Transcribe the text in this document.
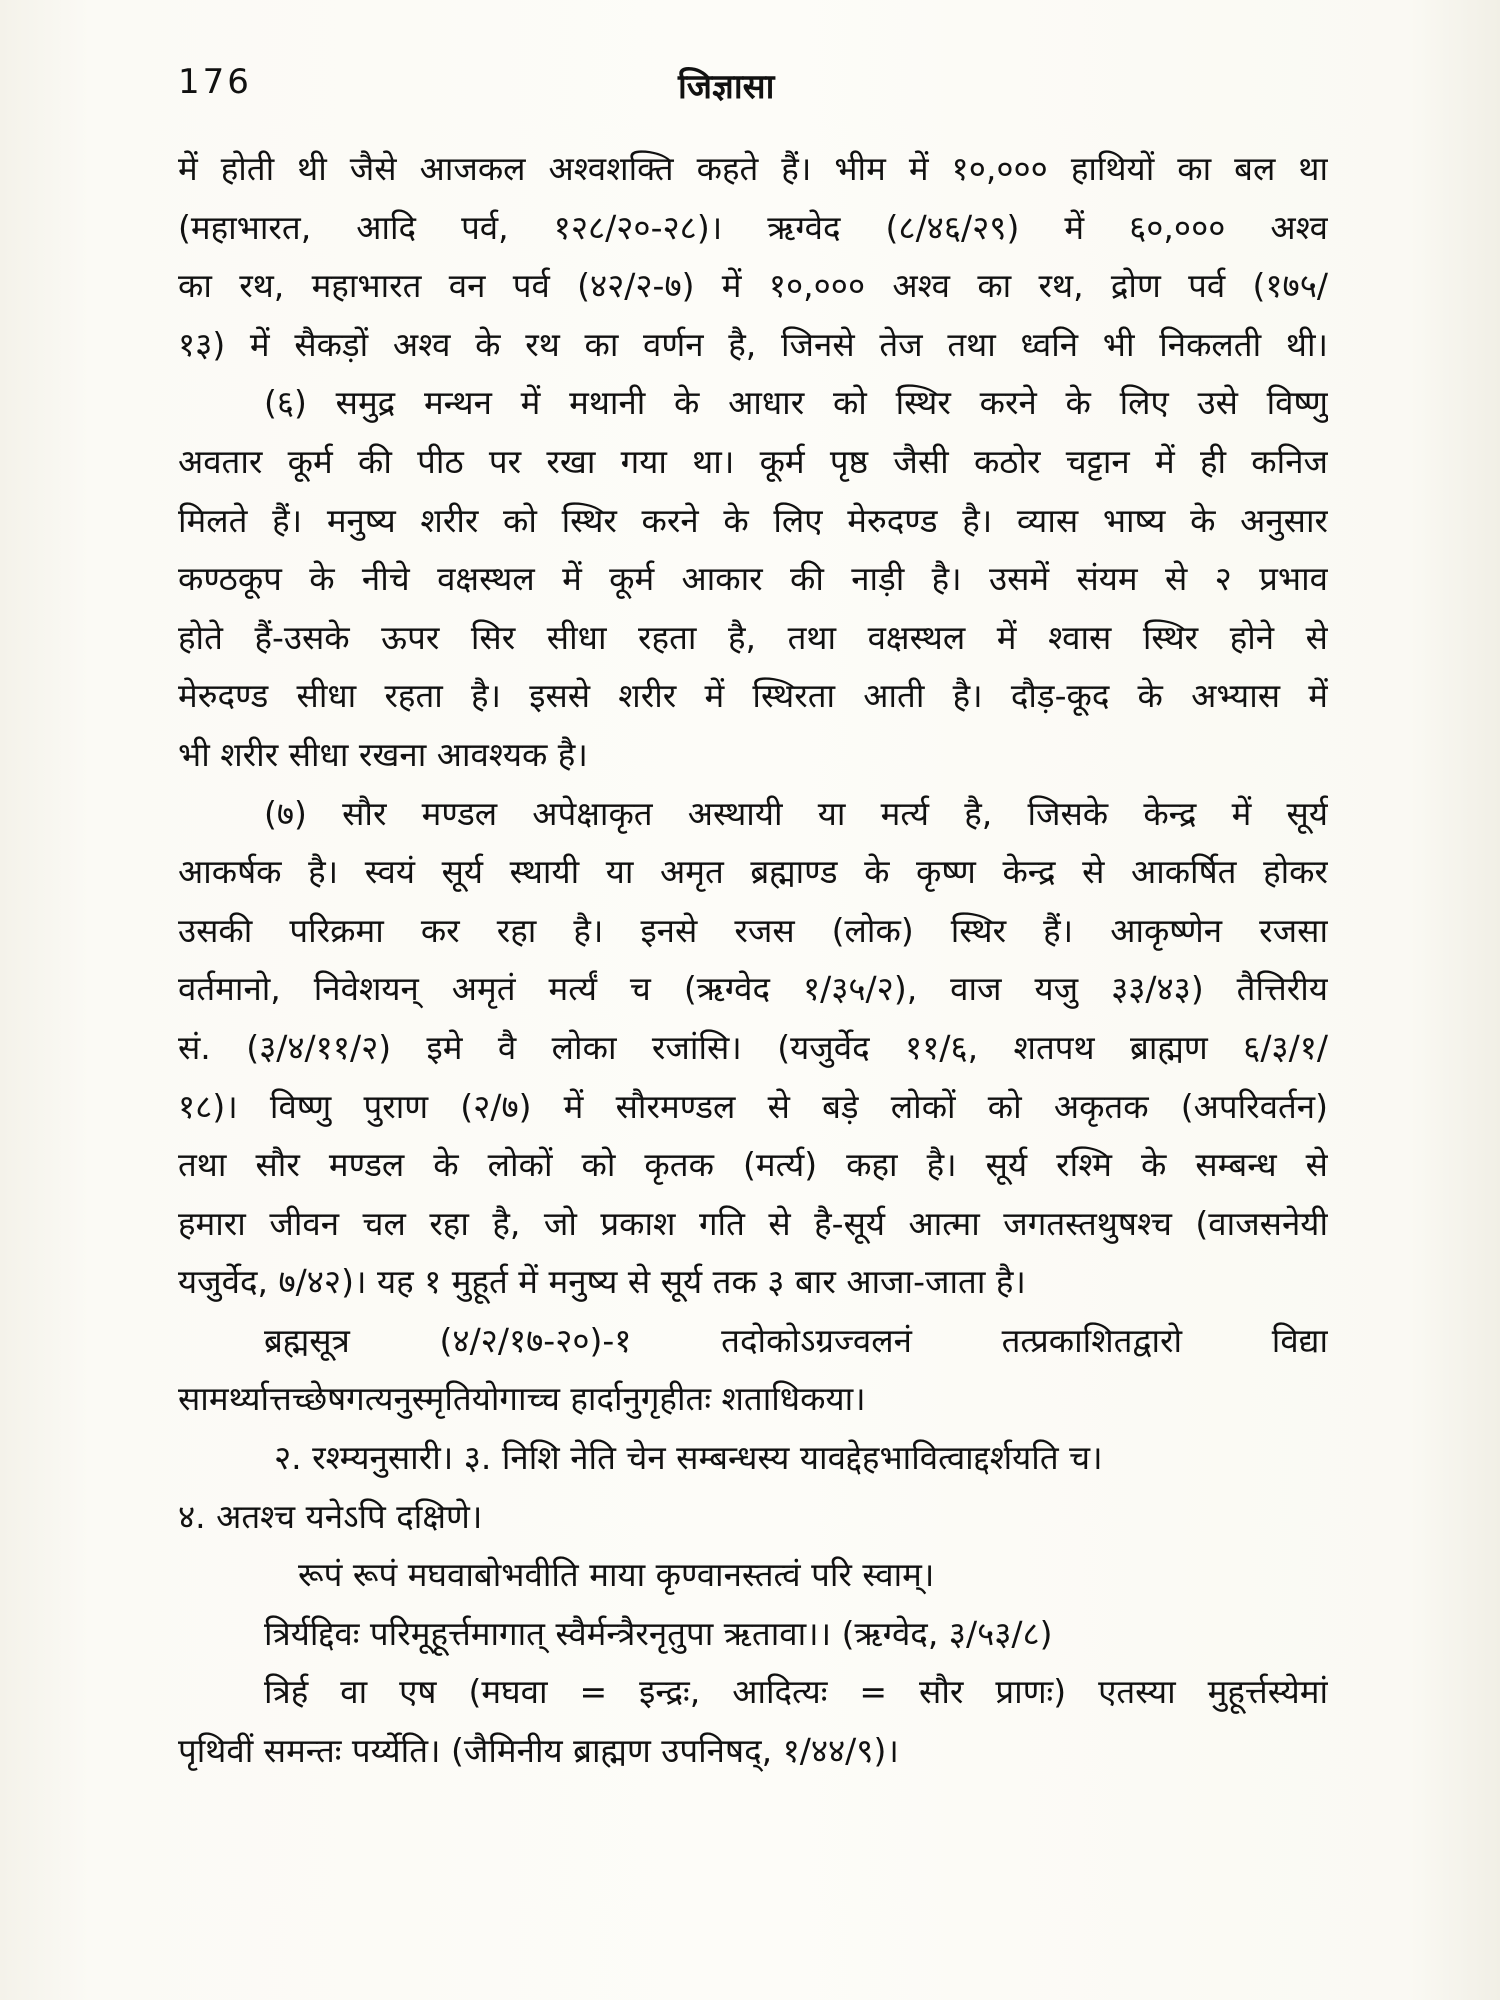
176	जिज्ञासा
में होती थी जैसे आजकल अश्वशक्ति कहते हैं। भीम में १०,००० हाथियों का बल था
(महाभारत, आदि पर्व, १२८/२०-२८)। ऋग्वेद (८/४६/२९) में ६०,००० अश्व
का रथ, महाभारत वन पर्व (४२/२-७) में १०,००० अश्व का रथ, द्रोण पर्व (१७५/
१३) में सैकड़ों अश्व के रथ का वर्णन है, जिनसे तेज तथा ध्वनि भी निकलती थी।
(६) समुद्र मन्थन में मथानी के आधार को स्थिर करने के लिए उसे विष्णु
अवतार कूर्म की पीठ पर रखा गया था। कूर्म पृष्ठ जैसी कठोर चट्टान में ही कनिज
मिलते हैं। मनुष्य शरीर को स्थिर करने के लिए मेरुदण्ड है। व्यास भाष्य के अनुसार
कण्ठकूप के नीचे वक्षस्थल में कूर्म आकार की नाड़ी है। उसमें संयम से २ प्रभाव
होते हैं-उसके ऊपर सिर सीधा रहता है, तथा वक्षस्थल में श्वास स्थिर होने से
मेरुदण्ड सीधा रहता है। इससे शरीर में स्थिरता आती है। दौड़-कूद के अभ्यास में
भी शरीर सीधा रखना आवश्यक है।
(७) सौर मण्डल अपेक्षाकृत अस्थायी या मर्त्य है, जिसके केन्द्र में सूर्य
आकर्षक है। स्वयं सूर्य स्थायी या अमृत ब्रह्माण्ड के कृष्ण केन्द्र से आकर्षित होकर
उसकी परिक्रमा कर रहा है। इनसे रजस (लोक) स्थिर हैं। आकृष्णेन रजसा
वर्तमानो, निवेशयन् अमृतं मर्त्यं च (ऋग्वेद १/३५/२), वाज यजु ३३/४३) तैत्तिरीय
सं. (३/४/११/२) इमे वै लोका रजांसि। (यजुर्वेद ११/६, शतपथ ब्राह्मण ६/३/१/
१८)। विष्णु पुराण (२/७) में सौरमण्डल से बड़े लोकों को अकृतक (अपरिवर्तन)
तथा सौर मण्डल के लोकों को कृतक (मर्त्य) कहा है। सूर्य रश्मि के सम्बन्ध से
हमारा जीवन चल रहा है, जो प्रकाश गति से है-सूर्य आत्मा जगतस्तथुषश्च (वाजसनेयी
यजुर्वेद, ७/४२)। यह १ मुहूर्त में मनुष्य से सूर्य तक ३ बार आजा-जाता है।
ब्रह्मसूत्र (४/२/१७-२०)-१ तदोकोऽग्रज्वलनं तत्प्रकाशितद्वारो विद्या
सामर्थ्यात्तच्छेषगत्यनुस्मृतियोगाच्च हार्दानुगृहीतः शताधिकया।
२. रश्म्यनुसारी। ३. निशि नेति चेन सम्बन्धस्य यावद्देहभावित्वाद्दर्शयति च।
४. अतश्च यनेऽपि दक्षिणे।
रूपं रूपं मघवाबोभवीति माया कृण्वानस्तत्वं परि स्वाम्।
त्रिर्यद्दिवः परिमूहूर्त्तमागात् स्वैर्मन्त्रैरनृतुपा ऋतावा।। (ऋग्वेद, ३/५३/८)
त्रिर्ह वा एष (मघवा = इन्द्रः, आदित्यः = सौर प्राणः) एतस्या मुहूर्त्तस्येमां
पृथिवीं समन्तः पर्य्येति। (जैमिनीय ब्राह्मण उपनिषद्, १/४४/९)।
